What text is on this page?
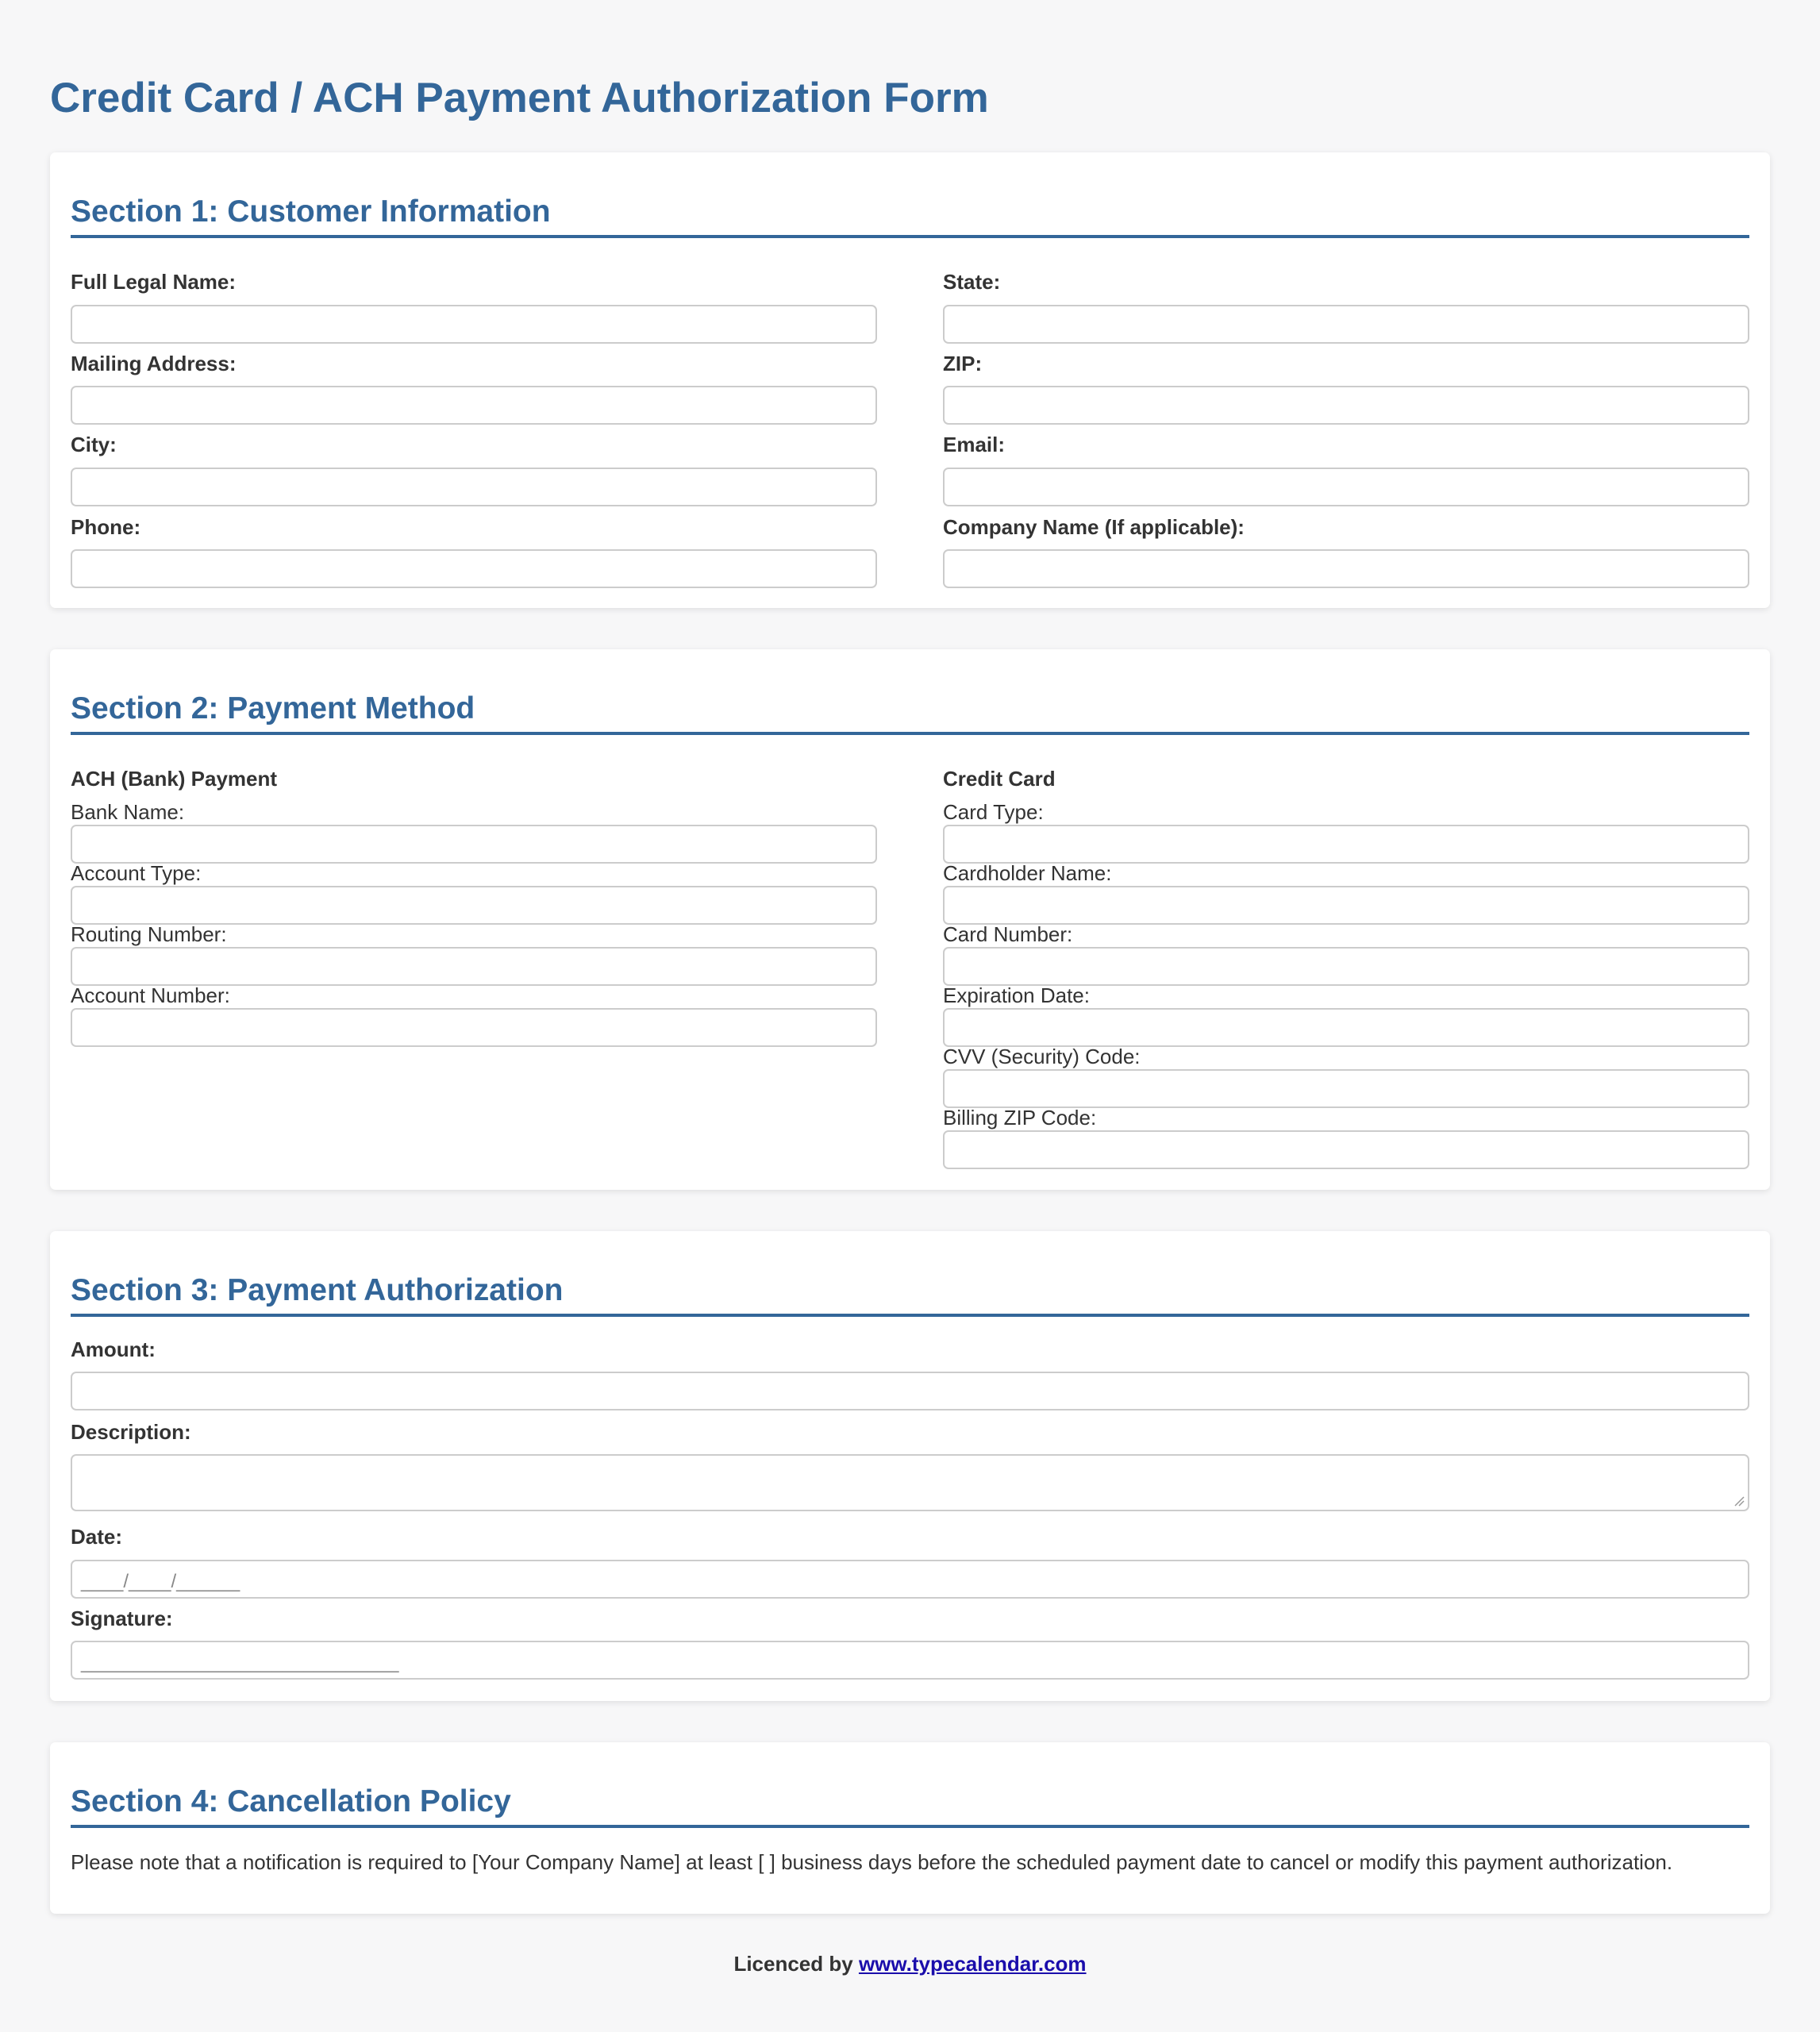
Credit Card / ACH Payment Authorization Form
Section 1: Customer Information
Full Legal Name:
Mailing Address:
City:
Phone:
State:
ZIP:
Email:
Company Name (If applicable):
Section 2: Payment Method
ACH (Bank) Payment
Bank Name:
Account Type:
Routing Number:
Account Number:
Credit Card
Card Type:
Cardholder Name:
Card Number:
Expiration Date:
CVV (Security) Code:
Billing ZIP Code:
Section 3: Payment Authorization
Amount:
Description:
Date:
____/____/______
Signature:
______________________________
Section 4: Cancellation Policy

Please note that a notification is required to [Your Company Name] at least [ ] business days before the scheduled payment date to cancel or modify this payment authorization.

Licenced by www.typecalendar.com
